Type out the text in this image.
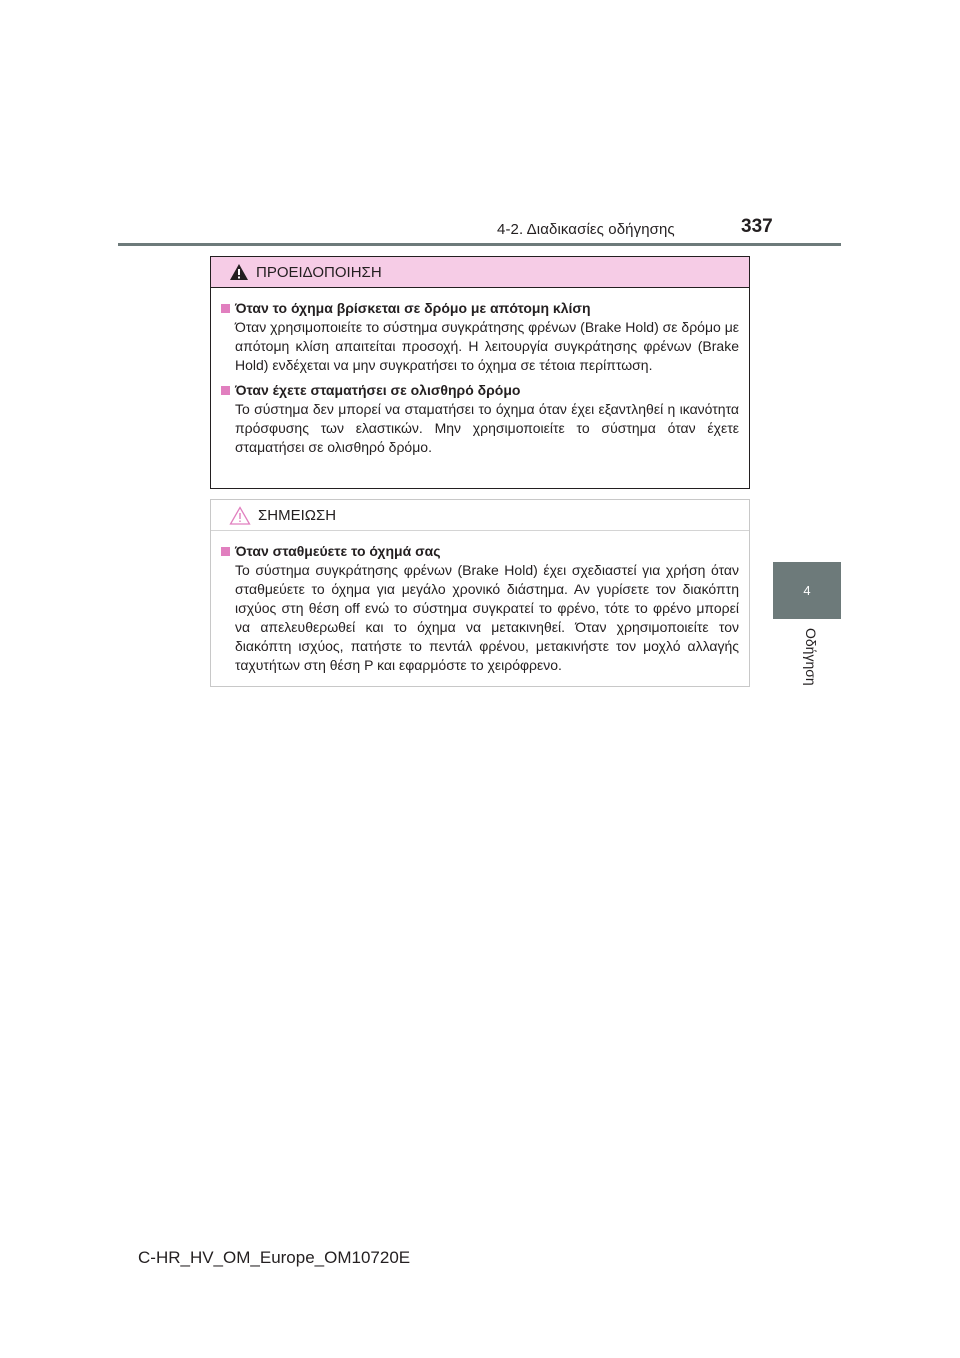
4-2. Διαδικασίες οδήγησης	337
4
Οδήγηση
ΠΡΟΕΙΔΟΠΟΙΗΣΗ
Όταν το όχημα βρίσκεται σε δρόμο με απότομη κλίση
Όταν χρησιμοποιείτε το σύστημα συγκράτησης φρένων (Brake Hold) σε δρόμο με απότομη κλίση απαιτείται προσοχή. Η λειτουργία συγκράτησης φρένων (Brake Hold) ενδέχεται να μην συγκρατήσει το όχημα σε τέτοια περίπτωση.
Όταν έχετε σταματήσει σε ολισθηρό δρόμο
Το σύστημα δεν μπορεί να σταματήσει το όχημα όταν έχει εξαντληθεί η ικανότητα πρόσφυσης των ελαστικών. Μην χρησιμοποιείτε το σύστημα όταν έχετε σταματήσει σε ολισθηρό δρόμο.
ΣΗΜΕΙΩΣΗ
Όταν σταθμεύετε το όχημά σας
Το σύστημα συγκράτησης φρένων (Brake Hold) έχει σχεδιαστεί για χρήση όταν σταθμεύετε το όχημα για μεγάλο χρονικό διάστημα. Αν γυρίσετε τον διακόπτη ισχύος στη θέση off ενώ το σύστημα συγκρατεί το φρένο, τότε το φρένο μπορεί να απελευθερωθεί και το όχημα να μετακινηθεί. Όταν χρησιμοποιείτε τον διακόπτη ισχύος, πατήστε το πεντάλ φρένου, μετακινήστε τον μοχλό αλλαγής ταχυτήτων στη θέση P και εφαρμόστε το χειρόφρενο.
C-HR_HV_OM_Europe_OM10720E
